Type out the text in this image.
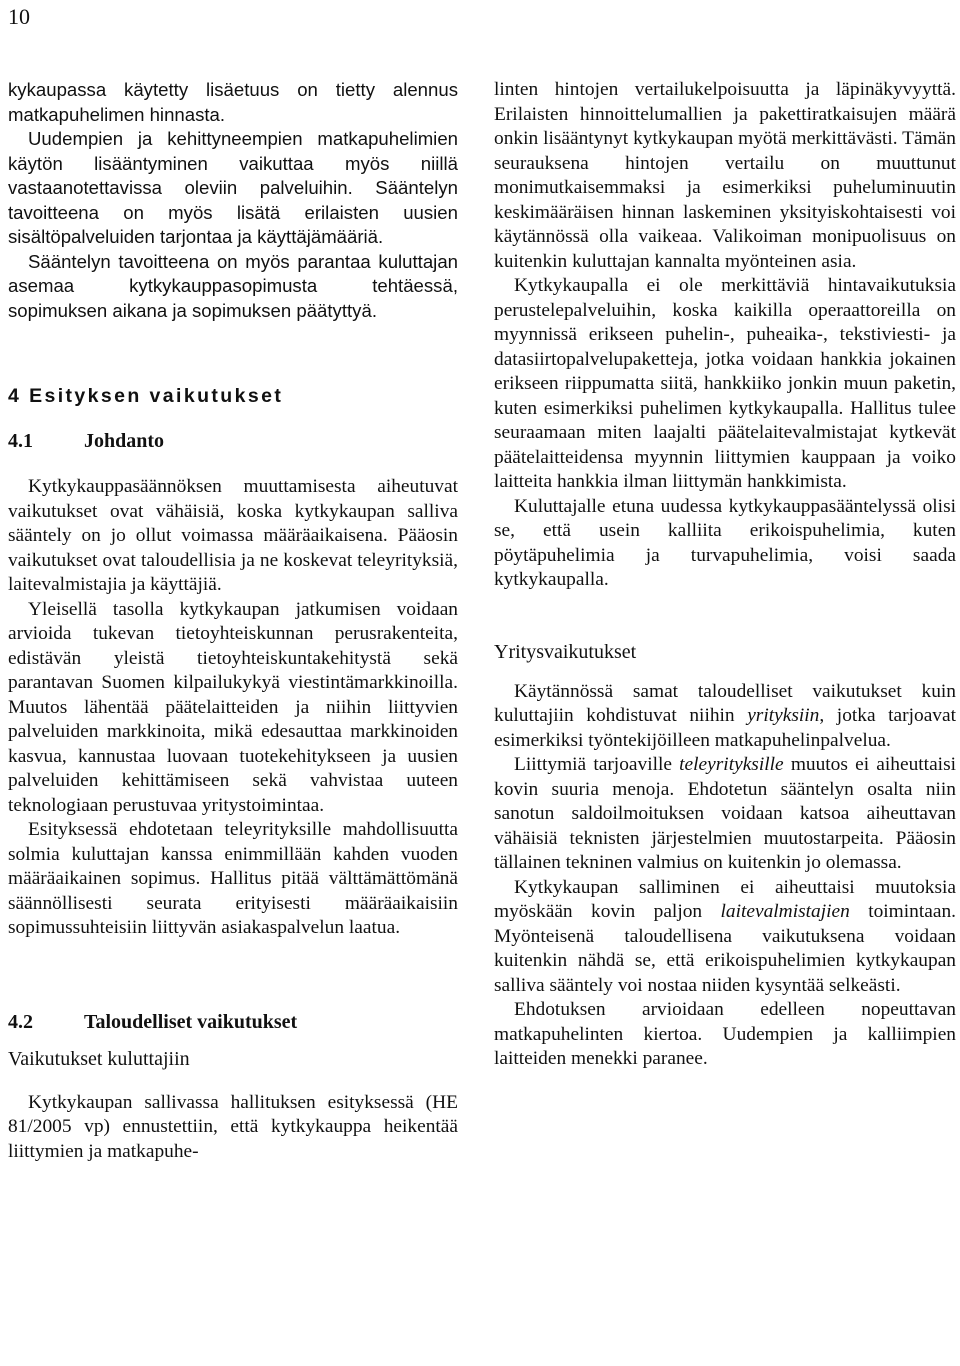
10

kykaupassa käytetty lisäetuus on tietty alennus matkapuhelimen hinnasta.

Uudempien ja kehittyneempien matkapuhelimien käytön lisääntyminen vaikuttaa myös niillä vastaanotettavissa oleviin palveluihin. Sääntelyn tavoitteena on myös lisätä erilaisten uusien sisältöpalveluiden tarjontaa ja käyttäjämääriä.

Sääntelyn tavoitteena on myös parantaa kuluttajan asemaa kytkykauppasopimusta tehtäessä, sopimuksen aikana ja sopimuksen päätyttyä.

4 Esityksen vaikutukset
4.1	Johdanto

Kytkykauppasäännöksen muuttamisesta aiheutuvat vaikutukset ovat vähäisiä, koska kytkykaupan salliva sääntely on jo ollut voimassa määräaikaisena. Pääosin vaikutukset ovat taloudellisia ja ne koskevat teleyrityksiä, laitevalmistajia ja käyttäjiä.

Yleisellä tasolla kytkykaupan jatkumisen voidaan arvioida tukevan tietoyhteiskunnan perusrakenteita, edistävän yleistä tietoyhteiskuntakehitystä sekä parantavan Suomen kilpailukykyä viestintämarkkinoilla. Muutos lähentää päätelaitteiden ja niihin liittyvien palveluiden markkinoita, mikä edesauttaa markkinoiden kasvua, kannustaa luovaan tuotekehitykseen ja uusien palveluiden kehittämiseen sekä vahvistaa uuteen teknologiaan perustuvaa yritystoimintaa.

Esityksessä ehdotetaan teleyrityksille mahdollisuutta solmia kuluttajan kanssa enimmillään kahden vuoden määräaikainen sopimus. Hallitus pitää välttämättömänä säännöllisesti seurata erityisesti määräaikaisiin sopimussuhteisiin liittyvän asiakaspalvelun laatua.

4.2	Taloudelliset vaikutukset
Vaikutukset kuluttajiin

Kytkykaupan sallivassa hallituksen esityksessä (HE 81/2005 vp) ennustettiin, että kytkykauppa heikentää liittymien ja matkapuhe-

linten hintojen vertailukelpoisuutta ja läpinäkyvyyttä. Erilaisten hinnoittelumallien ja pakettiratkaisujen määrä onkin lisääntynyt kytkykaupan myötä merkittävästi. Tämän seurauksena hintojen vertailu on muuttunut monimutkaisemmaksi ja esimerkiksi puheluminuutin keskimääräisen hinnan laskeminen yksityiskohtaisesti voi käytännössä olla vaikeaa. Valikoiman monipuolisuus on kuitenkin kuluttajan kannalta myönteinen asia.

Kytkykaupalla ei ole merkittäviä hintavaikutuksia perustelepalveluihin, koska kaikilla operaattoreilla on myynnissä erikseen puhelin-, puheaika-, tekstiviesti- ja datasiirtopalvelupaketteja, jotka voidaan hankkia jokainen erikseen riippumatta siitä, hankkiiko jonkin muun paketin, kuten esimerkiksi puhelimen kytkykaupalla. Hallitus tulee seuraamaan miten laajalti päätelaitevalmistajat kytkevät päätelaitteidensa myynnin liittymien kauppaan ja voiko laitteita hankkia ilman liittymän hankkimista.

Kuluttajalle etuna uudessa kytkykauppasääntelyssä olisi se, että usein kalliita erikoispuhelimia, kuten pöytäpuhelimia ja turvapuhelimia, voisi saada kytkykaupalla.

Yritysvaikutukset

Käytännössä samat taloudelliset vaikutukset kuin kuluttajiin kohdistuvat niihin yrityksiin, jotka tarjoavat esimerkiksi työntekijöilleen matkapuhelinpalvelua.

Liittymiä tarjoaville teleyrityksille muutos ei aiheuttaisi kovin suuria menoja. Ehdotetun sääntelyn osalta niin sanotun saldoilmoituksen voidaan katsoa aiheuttavan vähäisiä teknisten järjestelmien muutostarpeita. Pääosin tällainen tekninen valmius on kuitenkin jo olemassa.

Kytkykaupan salliminen ei aiheuttaisi muutoksia myöskään kovin paljon laitevalmistajien toimintaan. Myönteisenä taloudellisena vaikutuksena voidaan kuitenkin nähdä se, että erikoispuhelimien kytkykaupan salliva sääntely voi nostaa niiden kysyntää selkeästi.

Ehdotuksen arvioidaan edelleen nopeuttavan matkapuhelinten kiertoa. Uudempien ja kalliimpien laitteiden menekki paranee.
